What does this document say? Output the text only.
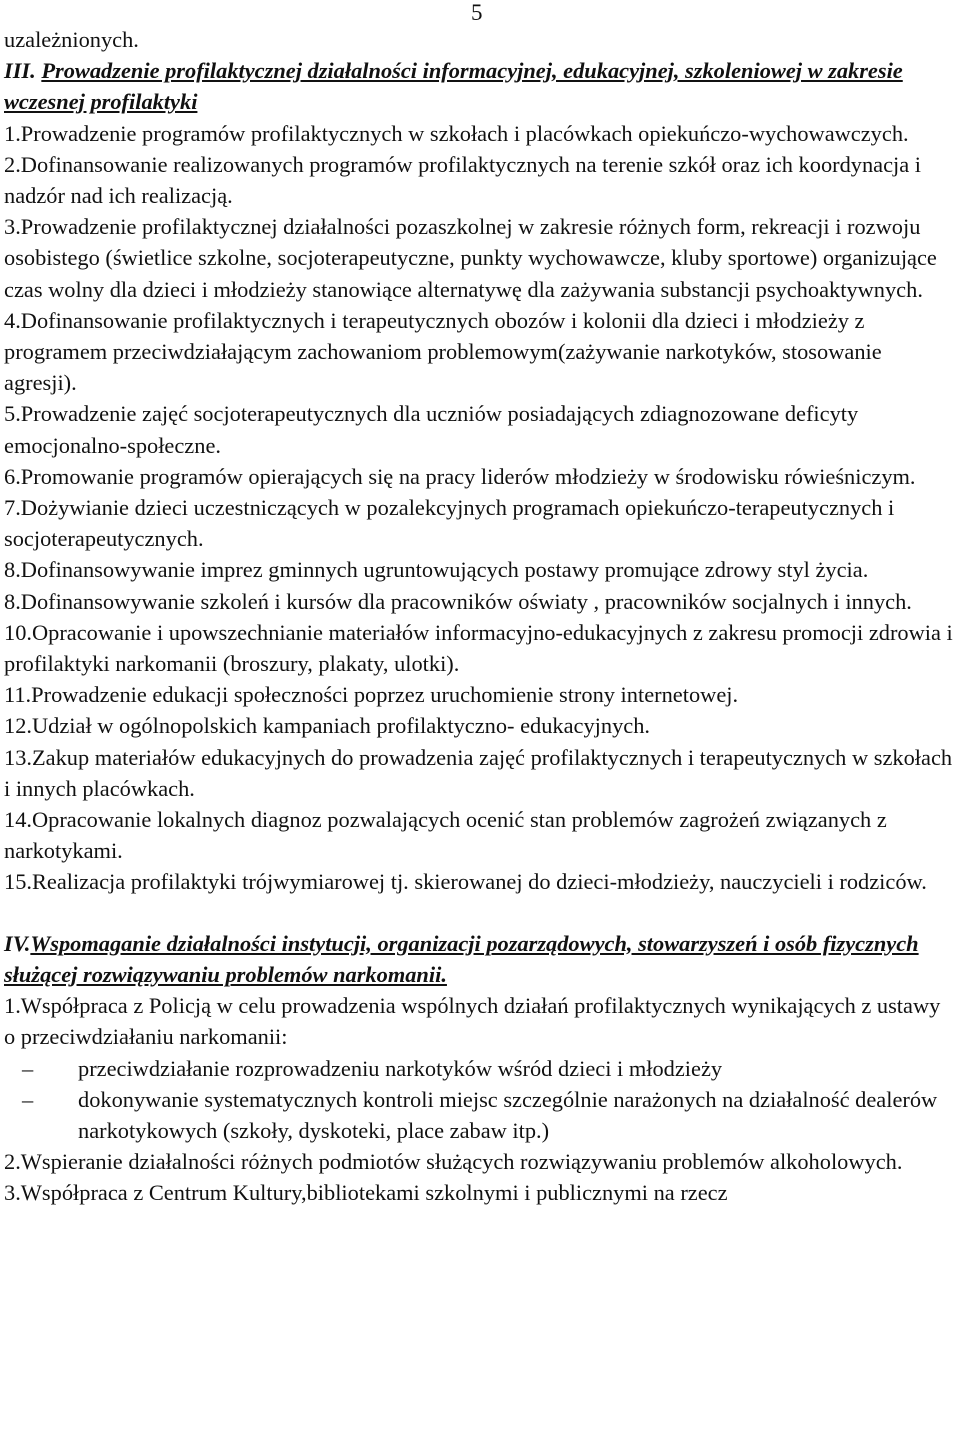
5

uzależnionych.

III. Prowadzenie profilaktycznej działalności informacyjnej, edukacyjnej, szkoleniowej w zakresie wczesnej profilaktyki

1.Prowadzenie programów profilaktycznych w szkołach i placówkach opiekuńczo-wychowawczych.

2.Dofinansowanie realizowanych programów profilaktycznych na terenie szkół oraz ich koordynacja i nadzór nad ich realizacją.

3.Prowadzenie profilaktycznej działalności pozaszkolnej w zakresie różnych form, rekreacji i rozwoju osobistego (świetlice szkolne, socjoterapeutyczne, punkty wychowawcze, kluby sportowe) organizujące czas wolny dla dzieci i młodzieży stanowiące alternatywę dla zażywania substancji psychoaktywnych.

4.Dofinansowanie profilaktycznych i terapeutycznych obozów i kolonii dla dzieci i młodzieży z programem przeciwdziałającym zachowaniom problemowym(zażywanie narkotyków, stosowanie agresji).

5.Prowadzenie zajęć socjoterapeutycznych dla uczniów posiadających zdiagnozowane deficyty emocjonalno-społeczne.

6.Promowanie programów opierających się na pracy liderów młodzieży w środowisku rówieśniczym.

7.Dożywianie dzieci uczestniczących w pozalekcyjnych programach opiekuńczo-terapeutycznych i socjoterapeutycznych.

8.Dofinansowywanie imprez gminnych ugruntowujących postawy promujące zdrowy styl życia.

8.Dofinansowywanie szkoleń i kursów dla pracowników oświaty , pracowników socjalnych i innych.

10.Opracowanie i upowszechnianie materiałów informacyjno-edukacyjnych z zakresu promocji zdrowia i profilaktyki narkomanii (broszury, plakaty, ulotki).

11.Prowadzenie edukacji społeczności poprzez uruchomienie strony internetowej.

12.Udział w ogólnopolskich kampaniach profilaktyczno- edukacyjnych.

13.Zakup materiałów edukacyjnych do prowadzenia zajęć profilaktycznych i terapeutycznych w szkołach i innych placówkach.

14.Opracowanie lokalnych diagnoz pozwalających ocenić stan problemów zagrożeń związanych z narkotykami.

15.Realizacja profilaktyki trójwymiarowej tj. skierowanej do dzieci-młodzieży, nauczycieli i rodziców.

IV.Wspomaganie działalności instytucji, organizacji pozarządowych, stowarzyszeń i osób fizycznych służącej rozwiązywaniu problemów narkomanii.

1.Współpraca z Policją w celu prowadzenia wspólnych działań profilaktycznych wynikających z ustawy o przeciwdziałaniu narkomanii:

–	przeciwdziałanie rozprowadzeniu narkotyków wśród dzieci i młodzieży
–	dokonywanie systematycznych kontroli miejsc szczególnie narażonych na działalność dealerów narkotykowych (szkoły, dyskoteki, place zabaw itp.)

2.Wspieranie działalności różnych podmiotów służących rozwiązywaniu problemów alkoholowych.

3.Współpraca z Centrum Kultury,bibliotekami szkolnymi i publicznymi na rzecz
